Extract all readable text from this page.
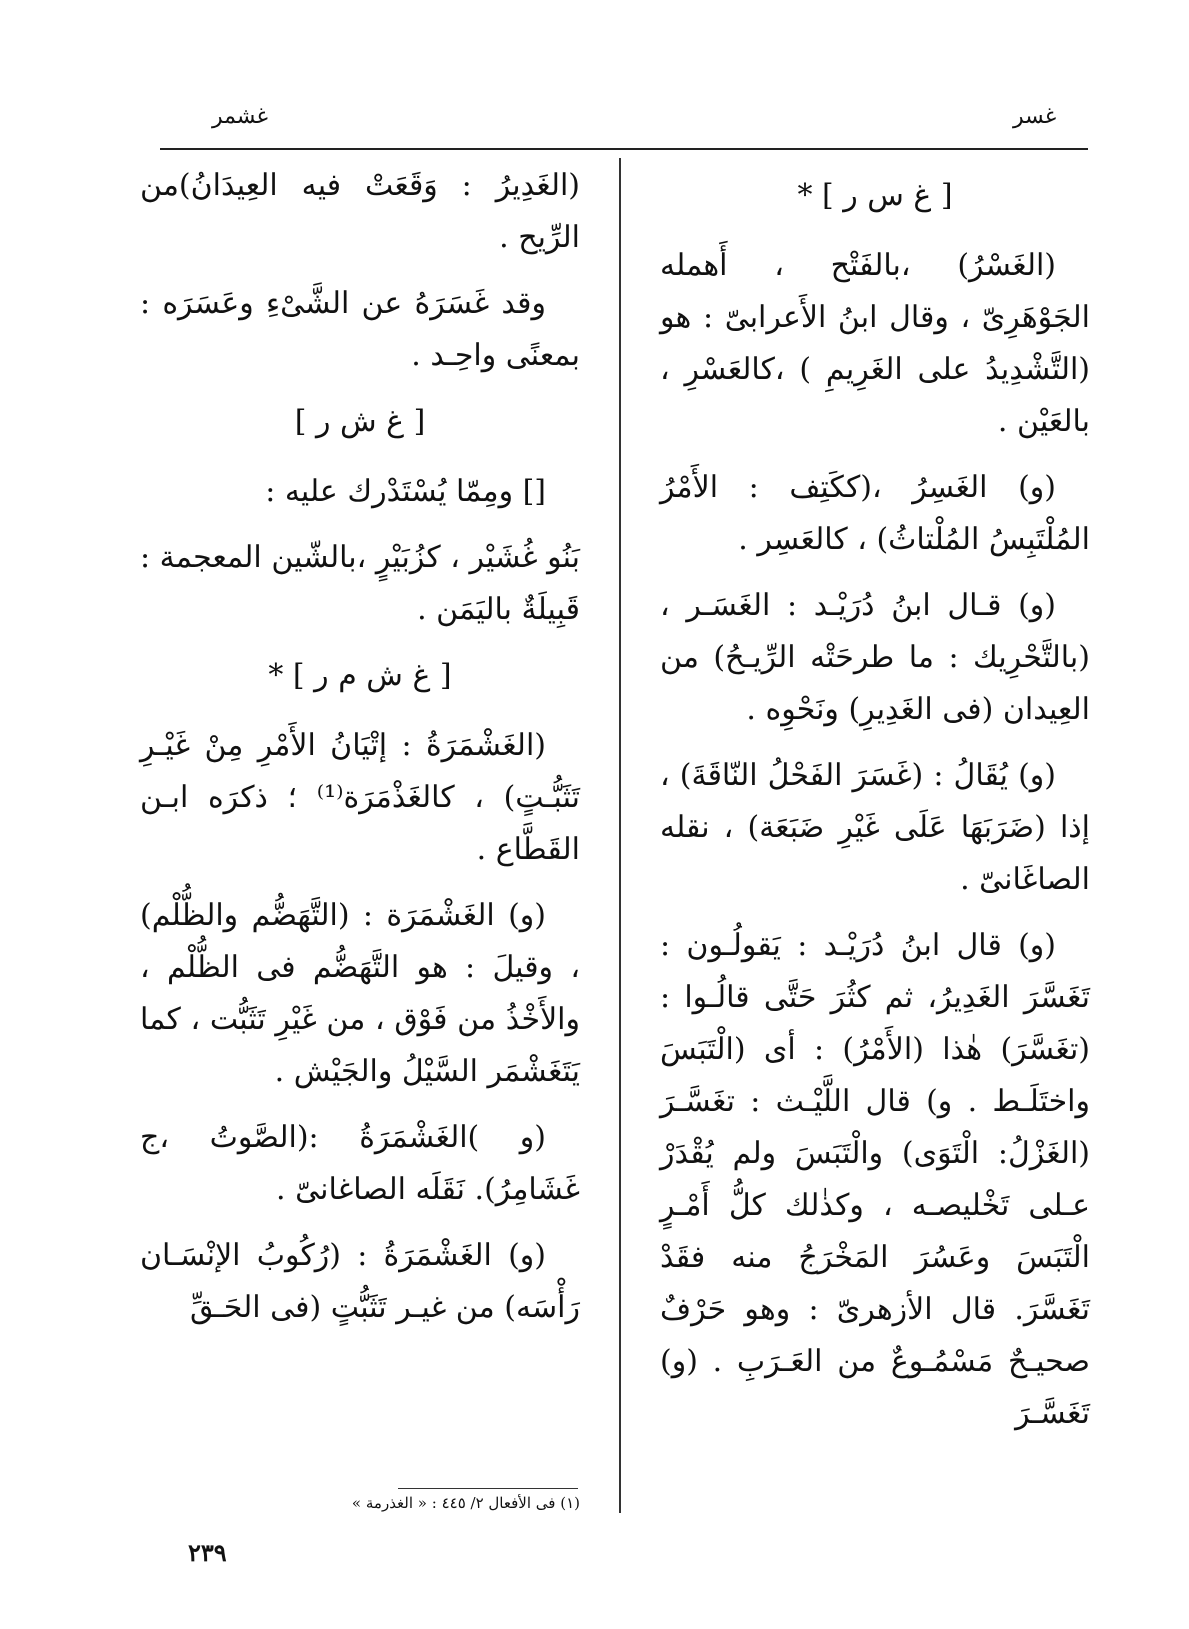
غشمر	غسر

[ غ س ر ] *

(الغَسْرُ) ،بالفَتْح ، أَهمله الجَوْهَرِىّ ، وقال ابنُ الأَعرابىّ : هو (التَّشْدِيدُ على الغَرِيمِ ) ،كالعَسْرِ ، بالعَيْن .

(و) الغَسِرُ ،(ككَتِف : الأَمْرُ المُلْتَبِسُ المُلْتاثُ) ، كالعَسِر .

(و) قـال ابنُ دُرَيْـد : الغَسَـر ، (بالتَّحْرِيك : ما طرحَتْه الرِّيـحُ) من العِيدان (فى الغَدِيرِ) ونَحْوِه .

(و) يُقَالُ : (غَسَرَ الفَحْلُ النّاقَةَ) ، إذا (ضَرَبَهَا عَلَى غَيْرِ ضَبَعَة) ، نقله الصاغَانىّ .

(و) قال ابنُ دُرَيْـد : يَقولُـون : تَغَسَّرَ الغَدِيرُ، ثم كثُرَ حَتَّى قالُـوا : (تغَسَّرَ) هٰذا (الأَمْرُ) : أى (الْتَبَسَ واختَلَـط . و) قال اللَّيْـث : تغَسَّـرَ (الغَزْلُ: الْتَوَى) والْتَبَسَ ولم يُقْدَرْ عـلى تَخْليصـه ، وكذٰلك كلُّ أَمْـرٍ الْتَبَسَ وعَسُرَ المَخْرَجُ منه فقَدْ تَغَسَّرَ. قال الأزهرىّ : وهو حَرْفٌ صحيـحٌ مَسْمُـوعٌ من العَـرَبِ . (و) تَغَسَّـرَ

(الغَدِيرُ : وَقَعَتْ فيه العِيدَانُ)من الرِّيح .

وقد غَسَرَهُ عن الشَّىْءِ وعَسَرَه : بمعنًى واحِـد .

[ غ ش ر ]

[] ومِمّا يُسْتَدْرك عليه :

بَنُو غُشَيْر ، كزُبَيْرٍ ،بالشّين المعجمة : قَبِيلَةٌ باليَمَن .

[ غ ش م ر ] *

(الغَشْمَرَةُ : إتْيَانُ الأَمْرِ مِنْ غَيْـرِ تَثَبُّـتٍ) ، كالغَذْمَرَة⁽¹⁾ ؛ ذكرَه ابـن القَطَّاع .

(و) الغَشْمَرَة : (التَّهَضُّم والظُّلْم) ، وقيلَ : هو التَّهَضُّم فى الظُّلْم ، والأَخْذُ من فَوْق ، من غَيْرِ تَثَبُّت ، كما يَتَغَشْمَر السَّيْلُ والجَيْش .

(و )الغَشْمَرَةُ :(الصَّوتُ ،ج غَشَامِرُ). نَقَلَه الصاغانىّ .

(و) الغَشْمَرَةُ : (رُكُوبُ الإنْسَـان رَأْسَه) من غيـر تَثَبُّتٍ (فى الحَـقِّ

(١) فى الأفعال ٢/ ٤٤٥ : « الغذرمة »
٢٣٩
